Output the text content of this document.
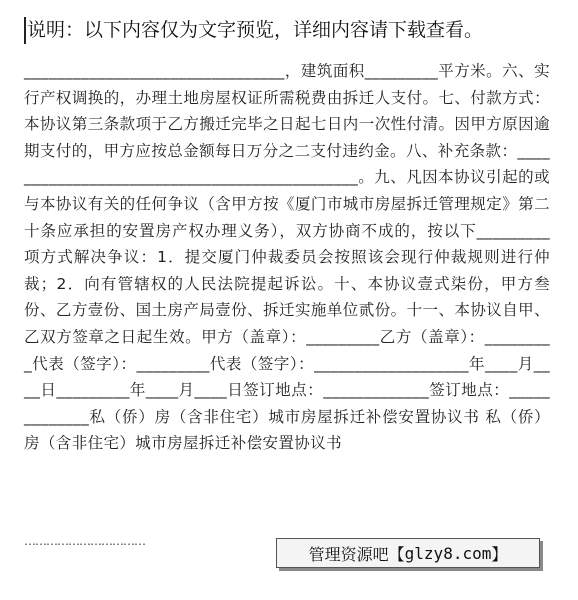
说明：以下内容仅为文字预览，详细内容请下载查看。
________________________________，建筑面积_________平方米。六、实行产权调换的，办理土地房屋权证所需税费由拆迁人支付。七、付款方式：本协议第三条款项于乙方搬迁完毕之日起七日内一次性付清。因甲方原因逾期支付的，甲方应按总金额每日万分之二支付违约金。八、补充条款：_____________________________________________。九、凡因本协议引起的或与本协议有关的任何争议（含甲方按《厦门市城市房屋拆迁管理规定》第二十条应承担的安置房产权办理义务），双方协商不成的，按以下_________项方式解决争议：1．提交厦门仲裁委员会按照该会现行仲裁规则进行仲裁；2．向有管辖权的人民法院提起诉讼。十、本协议壹式柒份，甲方叁份、乙方壹份、国土房产局壹份、拆迁实施单位贰份。十一、本协议自甲、乙双方签章之日起生效。甲方（盖章）：_________乙方（盖章）：_________代表（签字）：_________代表（签字）：___________________年____月____日_________年____月____日签订地点：_____________签订地点：_____________私（侨）房（含非住宅）城市房屋拆迁补偿安置协议书 私（侨）房（含非住宅）城市房屋拆迁补偿安置协议书
……………………………
管理资源吧 【 glzy8.com 】
